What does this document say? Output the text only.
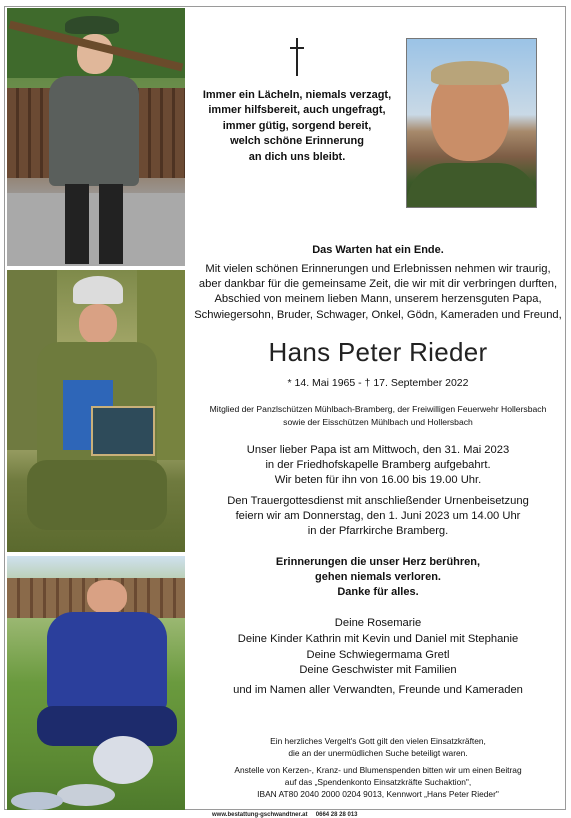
Immer ein Lächeln, niemals verzagt,
immer hilfsbereit, auch ungefragt,
immer gütig, sorgend bereit,
welch schöne Erinnerung
an dich uns bleibt.
Das Warten hat ein Ende.
Mit vielen schönen Erinnerungen und Erlebnissen nehmen wir traurig,
aber dankbar für die gemeinsame Zeit, die wir mit dir verbringen durften,
Abschied von meinem lieben Mann, unserem herzensguten Papa,
Schwiegersohn, Bruder, Schwager, Onkel, Gödn, Kameraden und Freund,
Hans Peter Rieder
* 14. Mai 1965 - † 17. September 2022
Mitglied der Panzlschützen Mühlbach-Bramberg, der Freiwilligen Feuerwehr Hollersbach
sowie der Eisschützen Mühlbach und Hollersbach
Unser lieber Papa ist am Mittwoch, den 31. Mai 2023
in der Friedhofskapelle Bramberg aufgebahrt.
Wir beten für ihn von 16.00 bis 19.00 Uhr.
Den Trauergottesdienst mit anschließender Urnenbeisetzung
feiern wir am Donnerstag, den 1. Juni 2023 um 14.00 Uhr
in der Pfarrkirche Bramberg.
Erinnerungen die unser Herz berühren,
gehen niemals verloren.
Danke für alles.
Deine Rosemarie
Deine Kinder Kathrin mit Kevin und Daniel mit Stephanie
Deine Schwiegermama Gretl
Deine Geschwister mit Familien
und im Namen aller Verwandten, Freunde und Kameraden
Ein herzliches Vergelt's Gott gilt den vielen Einsatzkräften,
die an der unermüdlichen Suche beteiligt waren.
Anstelle von Kerzen-, Kranz- und Blumenspenden bitten wir um einen Beitrag
auf das „Spendenkonto Einsatzkräfte Suchaktion",
IBAN AT80 2040 2000 0204 9013, Kennwort „Hans Peter Rieder"
www.bestattung-gschwandtner.at     0664 28 28 013
